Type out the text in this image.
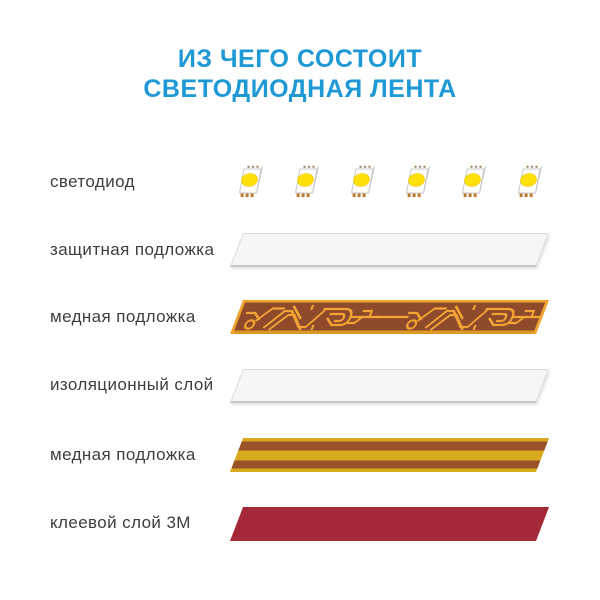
ИЗ ЧЕГО СОСТОИТ
СВЕТОДИОДНАЯ ЛЕНТА
светодиод
защитная подложка
медная подложка
изоляционный слой
медная подложка
клеевой слой 3М
